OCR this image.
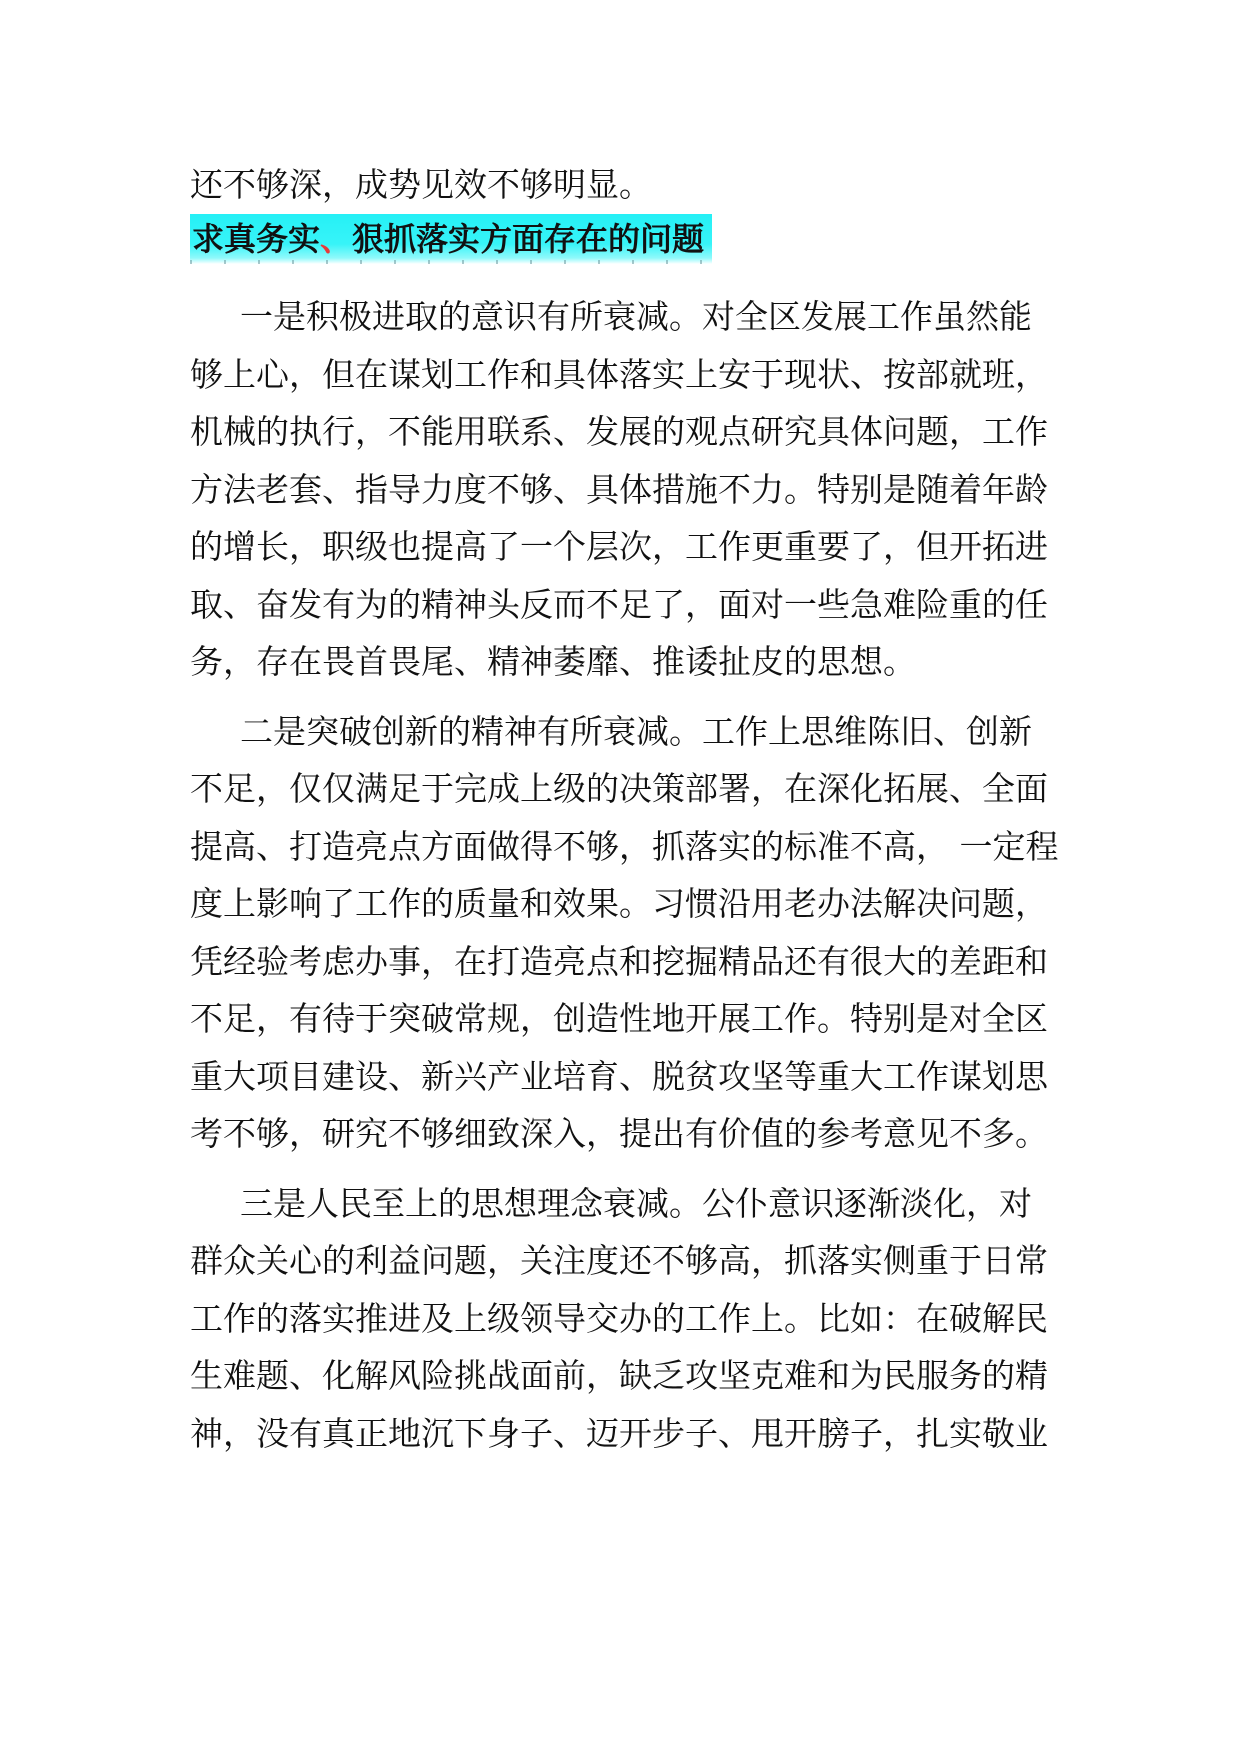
还不够深，成势见效不够明显。

求真务实、狠抓落实方面存在的问题

一是积极进取的意识有所衰减。对全区发展工作虽然能

够上心，但在谋划工作和具体落实上安于现状、按部就班，

机械的执行，不能用联系、发展的观点研究具体问题，工作

方法老套、指导力度不够、具体措施不力。特别是随着年龄

的增长，职级也提高了一个层次，工作更重要了，但开拓进

取、奋发有为的精神头反而不足了，面对一些急难险重的任

务，存在畏首畏尾、精神萎靡、推诿扯皮的思想。

二是突破创新的精神有所衰减。工作上思维陈旧、创新

不足，仅仅满足于完成上级的决策部署，在深化拓展、全面

提高、打造亮点方面做得不够，抓落实的标准不高， 一定程

度上影响了工作的质量和效果。习惯沿用老办法解决问题，

凭经验考虑办事，在打造亮点和挖掘精品还有很大的差距和

不足，有待于突破常规，创造性地开展工作。特别是对全区

重大项目建设、新兴产业培育、脱贫攻坚等重大工作谋划思

考不够，研究不够细致深入，提出有价值的参考意见不多。

三是人民至上的思想理念衰减。公仆意识逐渐淡化，对

群众关心的利益问题，关注度还不够高，抓落实侧重于日常

工作的落实推进及上级领导交办的工作上。比如：在破解民

生难题、化解风险挑战面前，缺乏攻坚克难和为民服务的精

神，没有真正地沉下身子、迈开步子、甩开膀子，扎实敬业
